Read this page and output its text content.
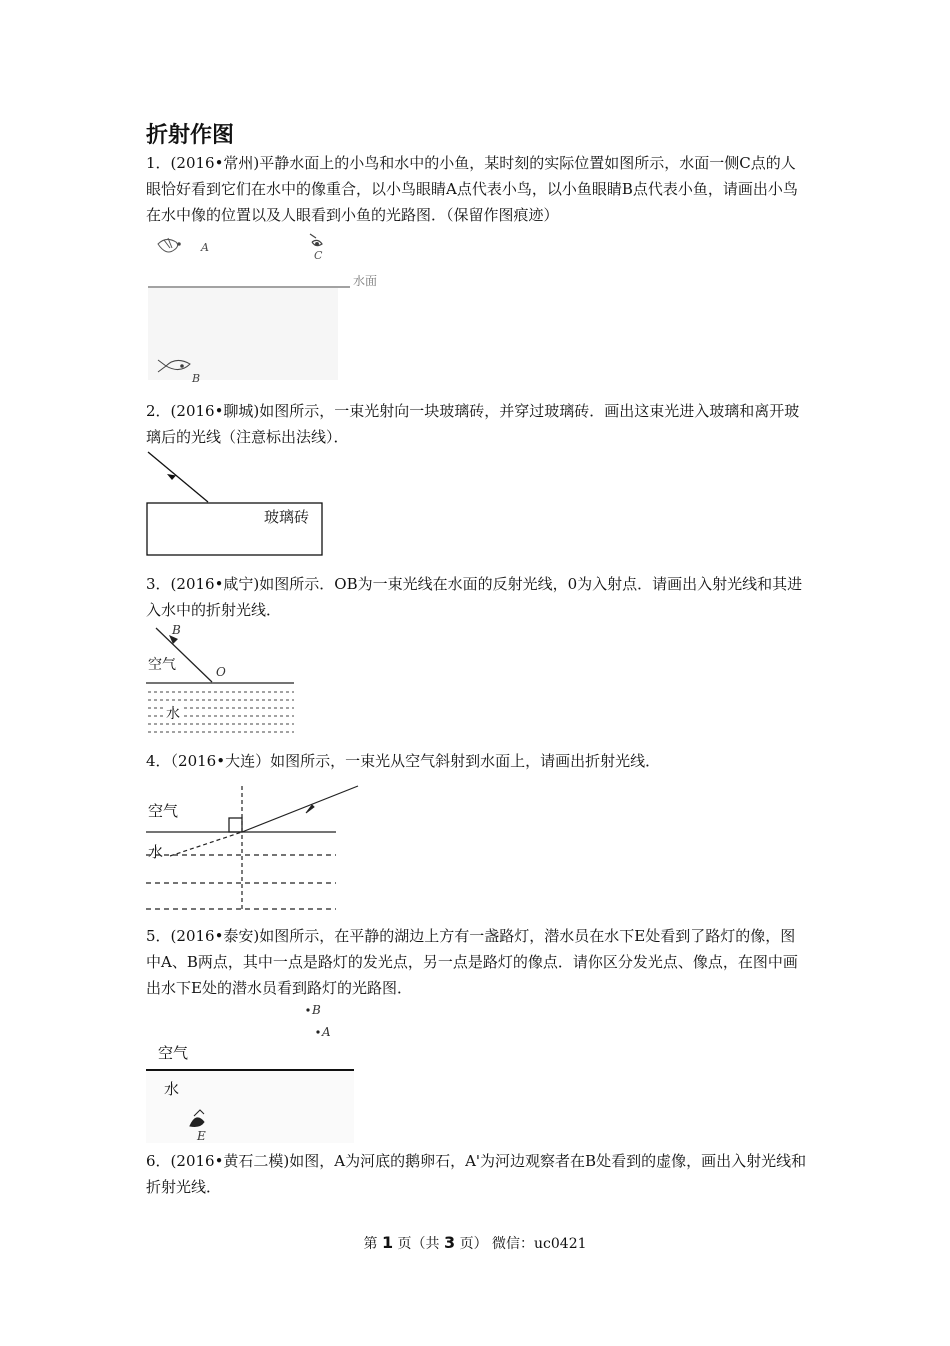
折射作图
1．(2016•常州)平静水面上的小鸟和水中的小鱼，某时刻的实际位置如图所示，水面一侧C点的人眼恰好看到它们在水中的像重合，以小鸟眼睛A点代表小鸟，以小鱼眼睛B点代表小鱼，请画出小鸟在水中像的位置以及人眼看到小鱼的光路图．（保留作图痕迹）
A
C
水面
B
2．(2016•聊城)如图所示，一束光射向一块玻璃砖，并穿过玻璃砖．画出这束光进入玻璃和离开玻璃后的光线（注意标出法线）．
玻璃砖
3．(2016•咸宁)如图所示．OB为一束光线在水面的反射光线，0为入射点．请画出入射光线和其进入水中的折射光线．
B
空气	O
水
4．（2016•大连）如图所示，一束光从空气斜射到水面上，请画出折射光线．
空气
水
5．(2016•泰安)如图所示，在平静的湖边上方有一盏路灯，潜水员在水下E处看到了路灯的像，图中A、B两点，其中一点是路灯的发光点，另一点是路灯的像点．请你区分发光点、像点，在图中画出水下E处的潜水员看到路灯的光路图．
B
A
空气
水
E
6．(2016•黄石二模)如图，A为河底的鹅卵石，A'为河边观察者在B处看到的虚像，画出入射光线和折射光线．
第 1 页（共 3 页） 微信：uc0421
